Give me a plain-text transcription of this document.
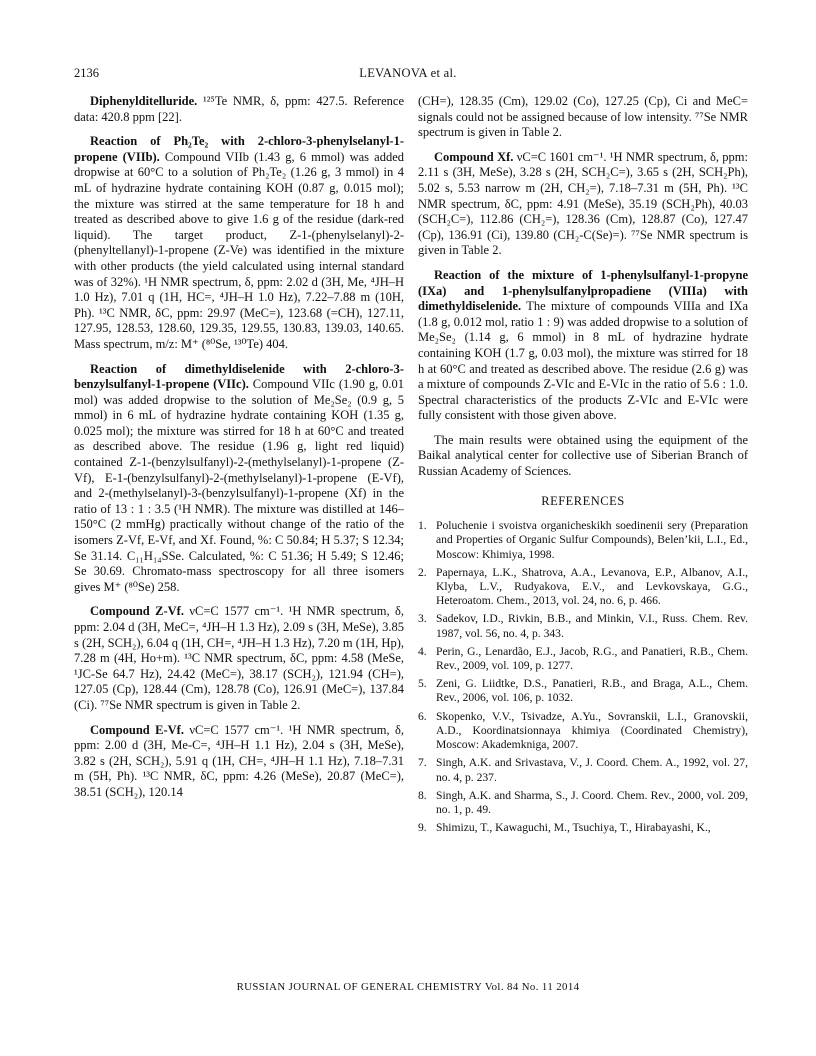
2136	LEVANOVA et al.

Diphenylditelluride. ¹²⁵Te NMR, δ, ppm: 427.5. Reference data: 420.8 ppm [22].

Reaction of Ph₂Te₂ with 2-chloro-3-phenylselanyl-1-propene (VIIb). Compound VIIb (1.43 g, 6 mmol) was added dropwise at 60°C to a solution of Ph₂Te₂ (1.26 g, 3 mmol) in 4 mL of hydrazine hydrate containing KOH (0.87 g, 0.015 mol); the mixture was stirred at the same temperature for 18 h and treated as described above to give 1.6 g of the residue (dark-red liquid). The target product, Z-1-(phenylselanyl)-2-(phenyltellanyl)-1-propene (Z-Ve) was identified in the mixture with other products (the yield calculated using internal standard was of 32%). ¹H NMR spectrum, δ, ppm: 2.02 d (3H, Me, ⁴JH–H 1.0 Hz), 7.01 q (1H, HC=, ⁴JH–H 1.0 Hz), 7.22–7.88 m (10H, Ph). ¹³C NMR, δC, ppm: 29.97 (MeC=), 123.68 (=CH), 127.11, 127.95, 128.53, 128.60, 129.35, 129.55, 130.83, 139.03, 140.65. Mass spectrum, m/z: M⁺ (⁸⁰Se, ¹³⁰Te) 404.

Reaction of dimethyldiselenide with 2-chloro-3-benzylsulfanyl-1-propene (VIIc). Compound VIIc (1.90 g, 0.01 mol) was added dropwise to the solution of Me₂Se₂ (0.9 g, 5 mmol) in 6 mL of hydrazine hydrate containing KOH (1.35 g, 0.025 mol); the mixture was stirred for 18 h at 60°C and treated as described above. The residue (1.96 g, light red liquid) contained Z-1-(benzylsulfanyl)-2-(methylselanyl)-1-propene (Z-Vf), E-1-(benzylsulfanyl)-2-(methylselanyl)-1-propene (E-Vf), and 2-(methylselanyl)-3-(benzylsulfanyl)-1-propene (Xf) in the ratio of 13 : 1 : 3.5 (¹H NMR). The mixture was distilled at 146–150°C (2 mmHg) practically without change of the ratio of the isomers Z-Vf, E-Vf, and Xf. Found, %: C 50.84; H 5.37; S 12.34; Se 31.14. C₁₁H₁₄SSe. Calculated, %: C 51.36; H 5.49; S 12.46; Se 30.69. Chromato-mass spectroscopy for all three isomers gives M⁺ (⁸⁰Se) 258.

Compound Z-Vf. νC=C 1577 cm⁻¹. ¹H NMR spectrum, δ, ppm: 2.04 d (3H, MeC=, ⁴JH–H 1.3 Hz), 2.09 s (3H, MeSe), 3.85 s (2H, SCH₂), 6.04 q (1H, CH=, ⁴JH–H 1.3 Hz), 7.20 m (1H, Hp), 7.28 m (4H, Ho+m). ¹³C NMR spectrum, δC, ppm: 4.58 (MeSe, ¹JC-Se 64.7 Hz), 24.42 (MeC=), 38.17 (SCH₂), 121.94 (CH=), 127.05 (Cp), 128.44 (Cm), 128.78 (Co), 126.91 (MeC=), 137.84 (Ci). ⁷⁷Se NMR spectrum is given in Table 2.

Compound E-Vf. νC=C 1577 cm⁻¹. ¹H NMR spectrum, δ, ppm: 2.00 d (3H, Me-C=, ⁴JH–H 1.1 Hz), 2.04 s (3H, MeSe), 3.82 s (2H, SCH₂), 5.91 q (1H, CH=, ⁴JH–H 1.1 Hz), 7.18–7.31 m (5H, Ph). ¹³C NMR, δC, ppm: 4.26 (MeSe), 20.87 (MeC=), 38.51 (SCH₂), 120.14

(CH=), 128.35 (Cm), 129.02 (Co), 127.25 (Cp), Ci and MeC= signals could not be assigned because of low intensity. ⁷⁷Se NMR spectrum is given in Table 2.

Compound Xf. νC=C 1601 cm⁻¹. ¹H NMR spectrum, δ, ppm: 2.11 s (3H, MeSe), 3.28 s (2H, SCH₂C=), 3.65 s (2H, SCH₂Ph), 5.02 s, 5.53 narrow m (2H, CH₂=), 7.18–7.31 m (5H, Ph). ¹³C NMR spectrum, δC, ppm: 4.91 (MeSe), 35.19 (SCH₂Ph), 40.03 (SCH₂C=), 112.86 (CH₂=), 128.36 (Cm), 128.87 (Co), 127.47 (Cp), 136.91 (Ci), 139.80 (CH₂-C(Se)=). ⁷⁷Se NMR spectrum is given in Table 2.

Reaction of the mixture of 1-phenylsulfanyl-1-propyne (IXa) and 1-phenylsulfanylpropadiene (VIIIa) with dimethyldiselenide. The mixture of compounds VIIIa and IXa (1.8 g, 0.012 mol, ratio 1 : 9) was added dropwise to a solution of Me₂Se₂ (1.14 g, 6 mmol) in 8 mL of hydrazine hydrate containing KOH (1.7 g, 0.03 mol), the mixture was stirred for 18 h at 60°C and treated as described above. The residue (2.6 g) was a mixture of compounds Z-VIc and E-VIc in the ratio of 5.6 : 1.0. Spectral characteristics of the products Z-VIc and E-VIc were fully consistent with those given above.

The main results were obtained using the equipment of the Baikal analytical center for collective use of Siberian Branch of Russian Academy of Sciences.

REFERENCES
1. Poluchenie i svoistva organicheskikh soedinenii sery (Preparation and Properties of Organic Sulfur Compounds), Belen’kii, L.I., Ed., Moscow: Khimiya, 1998.
2. Papernaya, L.K., Shatrova, A.A., Levanova, E.P., Albanov, A.I., Klyba, L.V., Rudyakova, E.V., and Levkovskaya, G.G., Heteroatom. Chem., 2013, vol. 24, no. 6, p. 466.
3. Sadekov, I.D., Rivkin, B.B., and Minkin, V.I., Russ. Chem. Rev. 1987, vol. 56, no. 4, p. 343.
4. Perin, G., Lenardão, E.J., Jacob, R.G., and Panatieri, R.B., Chem. Rev., 2009, vol. 109, p. 1277.
5. Zeni, G. Liidtke, D.S., Panatieri, R.B., and Braga, A.L., Chem. Rev., 2006, vol. 106, p. 1032.
6. Skopenko, V.V., Tsivadze, A.Yu., Sovranskii, L.I., Granovskii, A.D., Koordinatsionnaya khimiya (Coordinated Chemistry), Moscow: Akademkniga, 2007.
7. Singh, A.K. and Srivastava, V., J. Coord. Chem. A., 1992, vol. 27, no. 4, p. 237.
8. Singh, A.K. and Sharma, S., J. Coord. Chem. Rev., 2000, vol. 209, no. 1, p. 49.
9. Shimizu, T., Kawaguchi, M., Tsuchiya, T., Hirabayashi, K.,
RUSSIAN JOURNAL OF GENERAL CHEMISTRY Vol. 84 No. 11 2014
